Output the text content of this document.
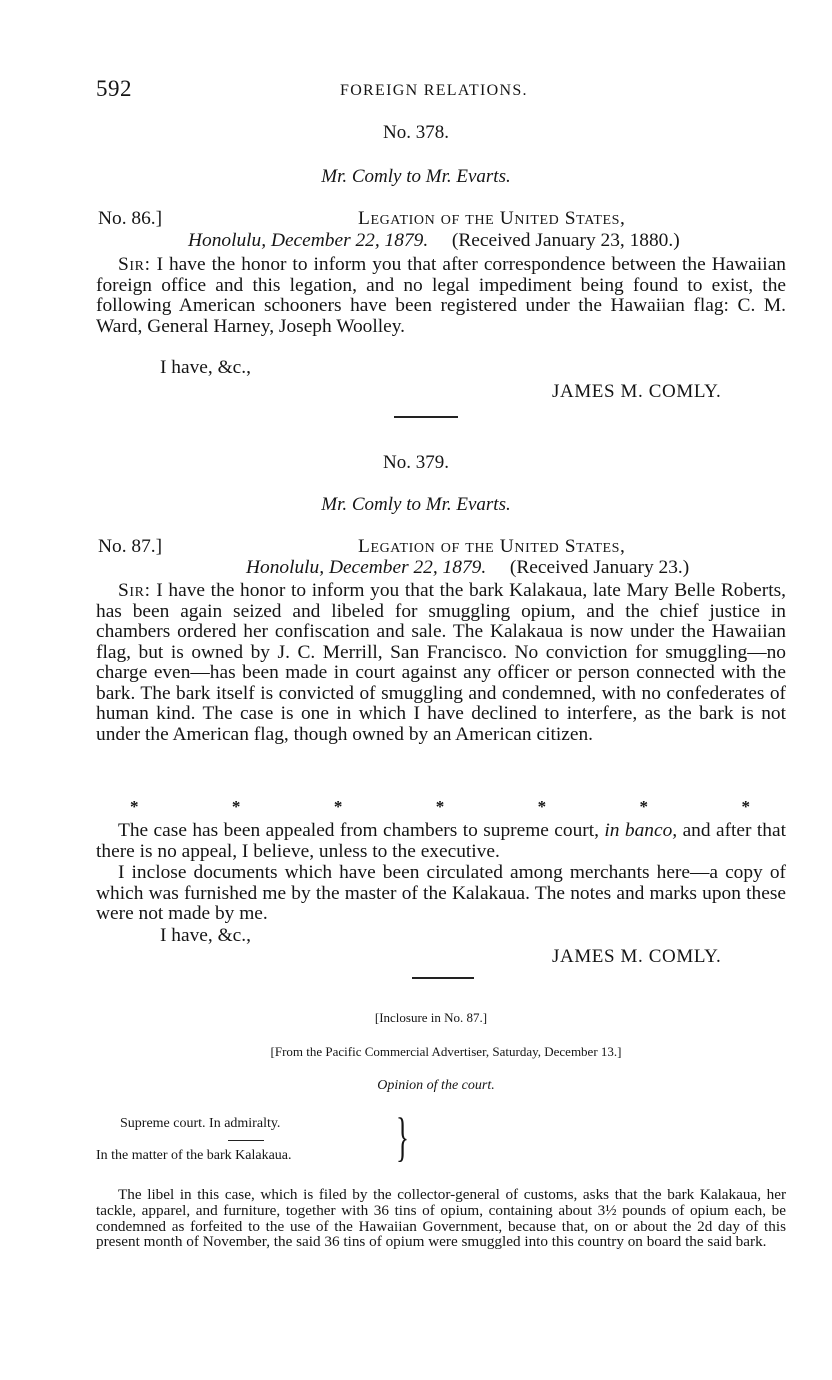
592	FOREIGN RELATIONS.
No. 378.
Mr. Comly to Mr. Evarts.
No. 86.]	Legation of the United States,
Honolulu, December 22, 1879. (Received January 23, 1880.)

Sir: I have the honor to inform you that after correspondence between the Hawaiian foreign office and this legation, and no legal impediment being found to exist, the following American schooners have been registered under the Hawaiian flag: C. M. Ward, General Harney, Joseph Woolley.

I have, &c.,
JAMES M. COMLY.
No. 379.
Mr. Comly to Mr. Evarts.
No. 87.]	Legation of the United States,
Honolulu, December 22, 1879. (Received January 23.)

Sir: I have the honor to inform you that the bark Kalakaua, late Mary Belle Roberts, has been again seized and libeled for smuggling opium, and the chief justice in chambers ordered her confiscation and sale. The Kalakaua is now under the Hawaiian flag, but is owned by J. C. Merrill, San Francisco. No conviction for smuggling—no charge even—has been made in court against any officer or person connected with the bark. The bark itself is convicted of smuggling and condemned, with no confederates of human kind. The case is one in which I have declined to interfere, as the bark is not under the American flag, though owned by an American citizen.

*	*	*	*	*	*	*

The case has been appealed from chambers to supreme court, in banco, and after that there is no appeal, I believe, unless to the executive.

I inclose documents which have been circulated among merchants here—a copy of which was furnished me by the master of the Kalakaua. The notes and marks upon these were not made by me.

I have, &c.,
JAMES M. COMLY.
[Inclosure in No. 87.]
[From the Pacific Commercial Advertiser, Saturday, December 13.]
Opinion of the court.
Supreme court. In admiralty.
In the matter of the bark Kalakaua. }

The libel in this case, which is filed by the collector-general of customs, asks that the bark Kalakaua, her tackle, apparel, and furniture, together with 36 tins of opium, containing about 3½ pounds of opium each, be condemned as forfeited to the use of the Hawaiian Government, because that, on or about the 2d day of this present month of November, the said 36 tins of opium were smuggled into this country on board the said bark.
